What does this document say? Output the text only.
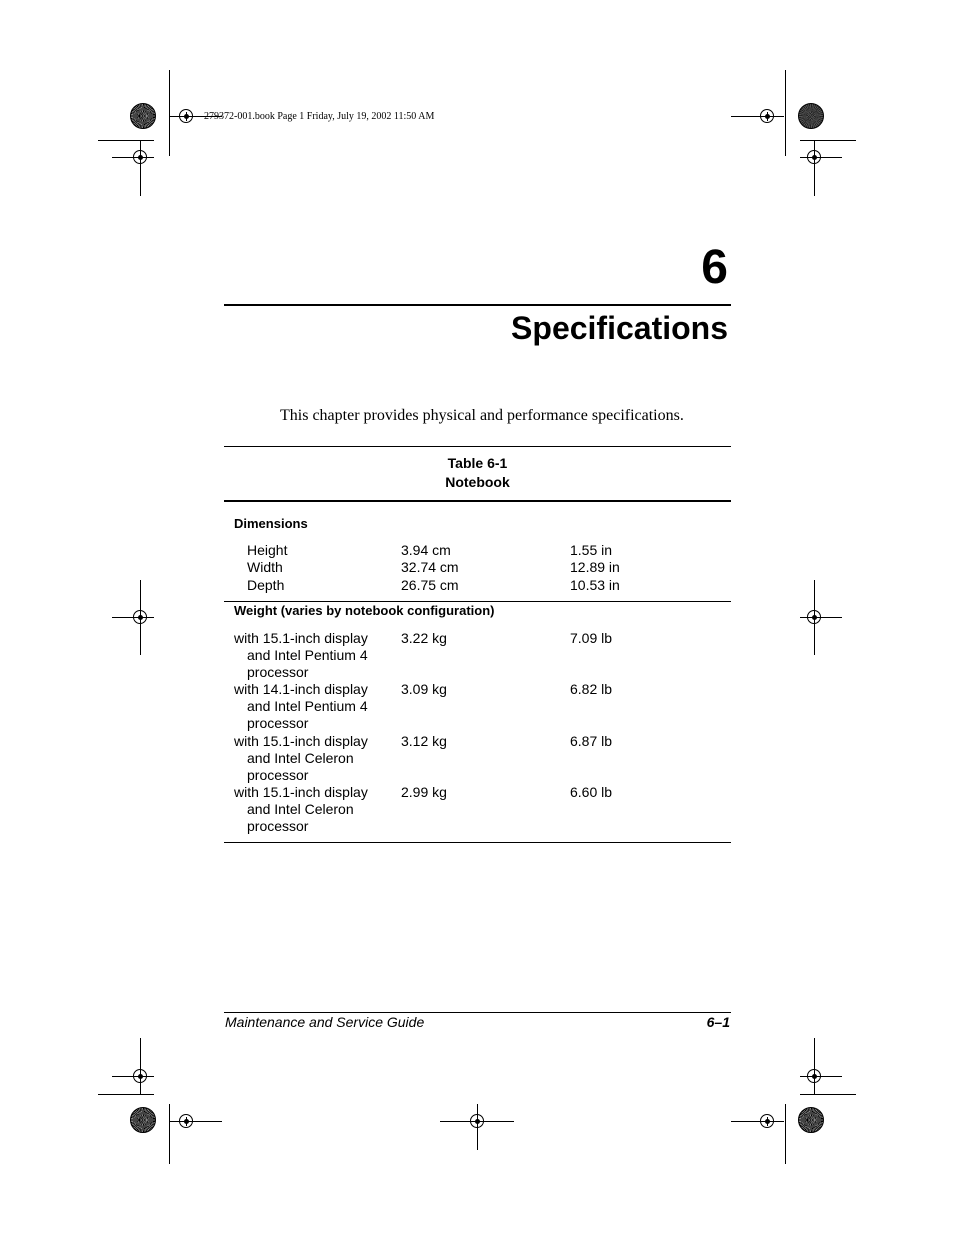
279372-001.book Page 1 Friday, July 19, 2002 11:50 AM
6
Specifications
This chapter provides physical and performance specifications.
Table 6-1
Notebook
Dimensions
Height	3.94 cm	1.55 in
Width	32.74 cm	12.89 in
Depth	26.75 cm	10.53 in
Weight (varies by notebook configuration)
with 15.1-inch display
and Intel Pentium 4
processor
3.22 kg	7.09 lb
with 14.1-inch display
and Intel Pentium 4
processor
3.09 kg	6.82 lb
with 15.1-inch display
and Intel Celeron
processor
3.12 kg	6.87 lb
with 15.1-inch display
and Intel Celeron
processor
2.99 kg	6.60 lb
Maintenance and Service Guide	6–1
